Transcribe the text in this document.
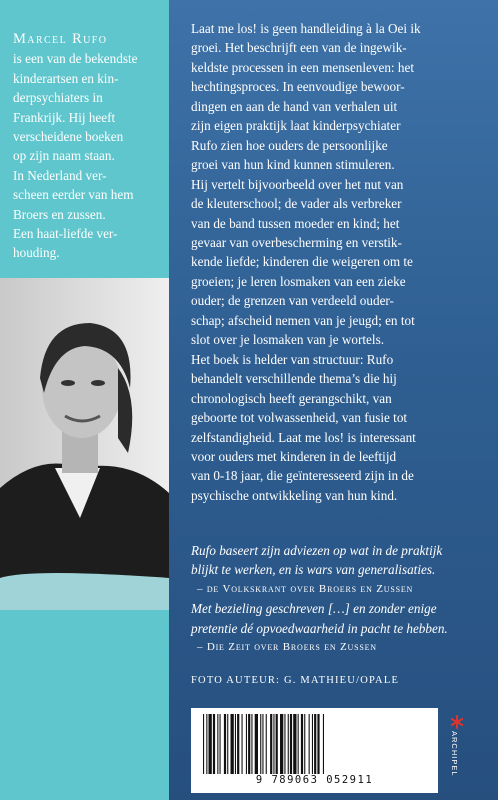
Marcel Rufo
is een van de bekendste
kinderartsen en kin-
derpsychiaters in
Frankrijk. Hij heeft
verscheidene boeken
op zijn naam staan.
In Nederland ver-
scheen eerder van hem
Broers en zussen.
Een haat-liefde ver-
houding.

Laat me los! is geen handleiding à la Oei ik

groei. Het beschrijft een van de ingewik-

keldste processen in een mensenleven: het

hechtingsproces. In eenvoudige bewoor-

dingen en aan de hand van verhalen uit

zijn eigen praktijk laat kinderpsychiater

Rufo zien hoe ouders de persoonlijke

groei van hun kind kunnen stimuleren.

Hij vertelt bijvoorbeeld over het nut van

de kleuterschool; de vader als verbreker

van de band tussen moeder en kind; het

gevaar van overbescherming en verstik-

kende liefde; kinderen die weigeren om te

groeien; je leren losmaken van een zieke

ouder; de grenzen van verdeeld ouder-

schap; afscheid nemen van je jeugd; en tot

slot over je losmaken van je wortels.

Het boek is helder van structuur: Rufo

behandelt verschillende thema’s die hij

chronologisch heeft gerangschikt, van

geboorte tot volwassenheid, van fusie tot

zelfstandigheid. Laat me los! is interessant

voor ouders met kinderen in de leeftijd

van 0-18 jaar, die geïnteresseerd zijn in de

psychische ontwikkeling van hun kind.

Rufo baseert zijn adviezen op wat in de praktijk

blijkt te werken, en is wars van generalisaties.

– de Volkskrant over Broers en Zussen

Met bezieling geschreven […] en zonder enige

pretentie dé opvoedwaarheid in pacht te hebben.

– Die Zeit over Broers en Zussen

FOTO AUTEUR: G. MATHIEU/OPALE
9 789063 052911
ARCHIPEL
